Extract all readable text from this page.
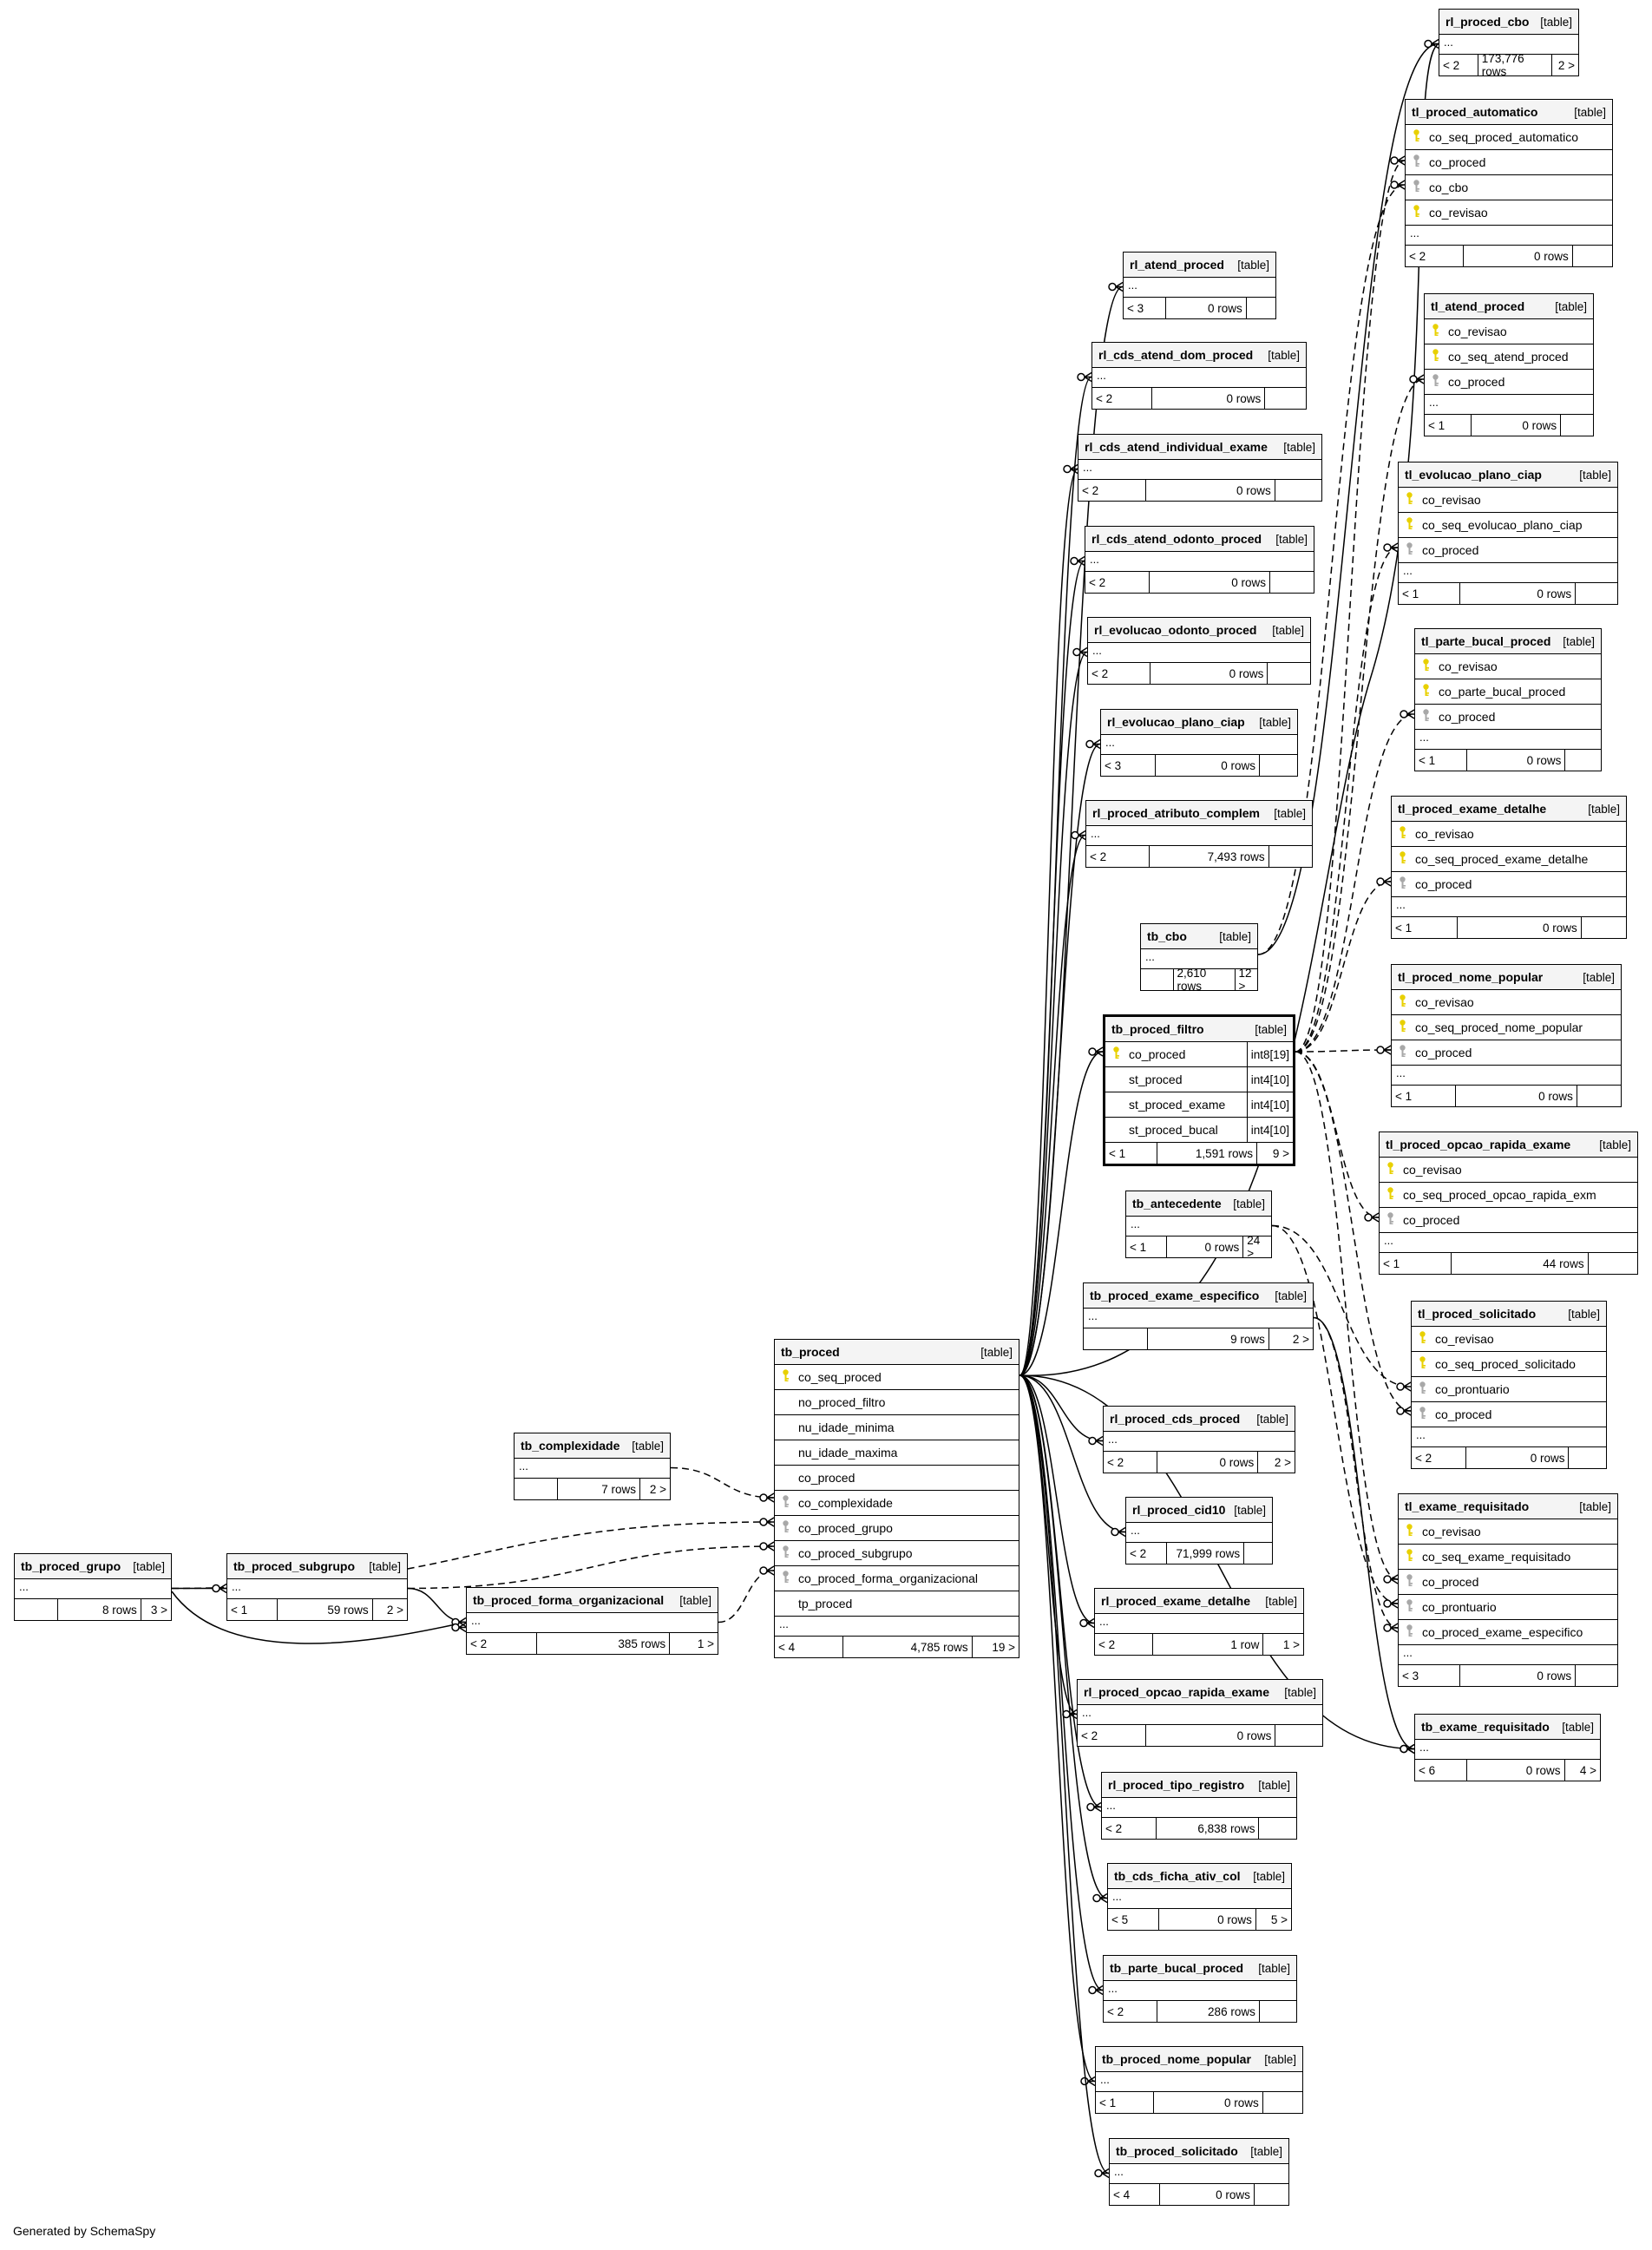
rl_proced_cbo [table]
...
< 2	173,776 rows	2 >
tl_proced_automatico	[table]
co_seq_proced_automatico
co_proced
co_cbo
co_revisao
...
< 2	0 rows
rl_atend_proced [table]
...
< 3	0 rows	tl_atend_proced	[table]
co_revisao
co_seq_atend_proced
co_proced
...
< 1	0 rows
rl_cds_atend_dom_proced [table]
...
< 2	0 rows
rl_cds_atend_individual_exame [table]
...
< 2	0 rows
tl_evolucao_plano_ciap	[table]
co_revisao
co_seq_evolucao_plano_ciap
co_proced
...
< 1	0 rows
rl_cds_atend_odonto_proced [table]
...
< 2	0 rows
rl_evolucao_odonto_proced [table]
...
< 2	0 rows
tl_parte_bucal_proced [table]
co_revisao
co_parte_bucal_proced
co_proced
...
< 1	0 rows
rl_evolucao_plano_ciap [table]
...
< 3	0 rows
tl_proced_exame_detalhe	[table]
co_revisao
co_seq_proced_exame_detalhe
co_proced
...
< 1	0 rows
rl_proced_atributo_complem [table]
...
< 2	7,493 rows
tb_cbo	[table]
...
2,610 rows
12 >
tl_proced_nome_popular	[table]
co_revisao
co_seq_proced_nome_popular
co_proced
...
< 1	0 rows
tb_proced_filtro	[table]
co_proced	int8[19]
st_proced	int4[10]
st_proced_exame	int4[10]
st_proced_bucal	int4[10]
< 1	1,591 rows	9 >
tl_proced_opcao_rapida_exame [table]
co_revisao
co_seq_proced_opcao_rapida_exm
co_proced
...
< 1	44 rows
tb_antecedente [table]
...
< 1	0 rows 24 >
tb_proced_exame_especifico [table]
...
9 rows	2 >
tl_proced_solicitado	[table]
co_revisao
co_seq_proced_solicitado
co_prontuario
co_proced
...
< 2	0 rows
tb_proced	[table]
co_seq_proced
no_proced_filtro
nu_idade_minima
nu_idade_maxima
co_proced
co_complexidade
co_proced_grupo
co_proced_subgrupo
co_proced_forma_organizacional
tp_proced
...
< 4	4,785 rows	19 >
tb_complexidade [table]
...
7 rows	2 >
rl_proced_cds_proced [table]
...
< 2	0 rows	2 >
rl_proced_cid10 [table]
...
< 2	71,999 rows
tl_exame_requisitado	[table]
co_revisao
co_seq_exame_requisitado
co_proced
co_prontuario
co_proced_exame_especifico
...
< 3	0 rows
tb_proced_grupo [table]
...
8 rows	3 >
tb_proced_subgrupo [table]
...
< 1	59 rows	2 >
tb_proced_forma_organizacional [table]
...
< 2	385 rows	1 >
rl_proced_exame_detalhe [table]
...
< 2	1 row	1 >
rl_proced_opcao_rapida_exame [table]
...
< 2	0 rows
tb_exame_requisitado [table]
...
< 6	0 rows	4 >
rl_proced_tipo_registro [table]
...
< 2	6,838 rows
tb_cds_ficha_ativ_col [table]
...
< 5	0 rows	5 >
tb_parte_bucal_proced [table]
...
< 2	286 rows
tb_proced_nome_popular [table]
...
< 1	0 rows
tb_proced_solicitado [table]
...
< 4	0 rows
Generated by SchemaSpy
